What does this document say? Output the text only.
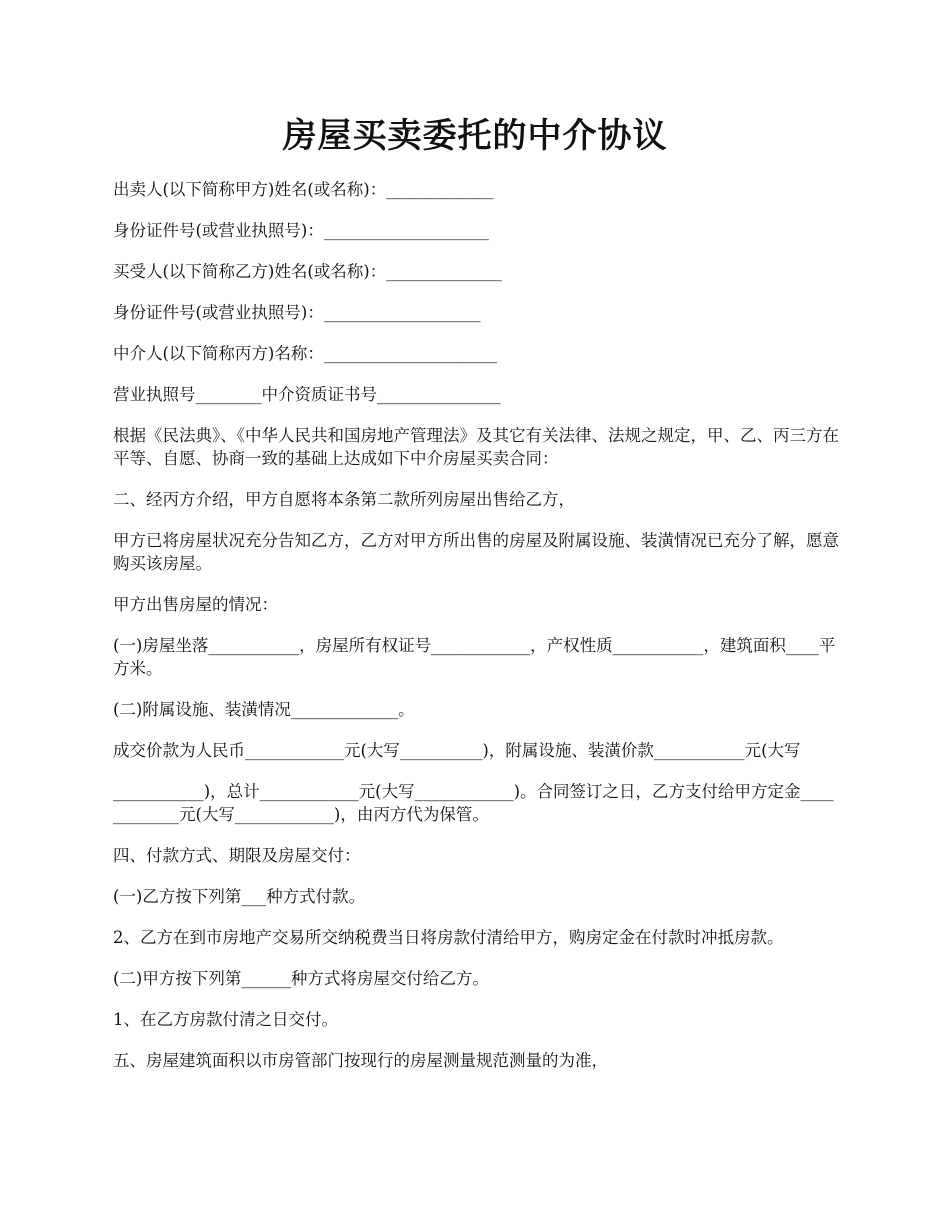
房屋买卖委托的中介协议

出卖人(以下简称甲方)姓名(或名称)：_____________

身份证件号(或营业执照号)：____________________

买受人(以下简称乙方)姓名(或名称)：______________

身份证件号(或营业执照号)：___________________

中介人(以下简称丙方)名称：_____________________

营业执照号________中介资质证书号_______________

根据《民法典》、《中华人民共和国房地产管理法》及其它有关法律、法规之规定，甲、乙、丙三方在平等、自愿、协商一致的基础上达成如下中介房屋买卖合同：

二、经丙方介绍，甲方自愿将本条第二款所列房屋出售给乙方，

甲方已将房屋状况充分告知乙方，乙方对甲方所出售的房屋及附属设施、装潢情况已充分了解，愿意购买该房屋。

甲方出售房屋的情况：

(一)房屋坐落___________，房屋所有权证号____________，产权性质___________，建筑面积____平方米。

(二)附属设施、装潢情况_____________。

成交价款为人民币____________元(大写__________)，附属设施、装潢价款___________元(大写

___________)，总计____________元(大写____________)。合同签订之日，乙方支付给甲方定金____________元(大写____________)，由丙方代为保管。

四、付款方式、期限及房屋交付：

(一)乙方按下列第___种方式付款。

2、乙方在到市房地产交易所交纳税费当日将房款付清给甲方，购房定金在付款时冲抵房款。

(二)甲方按下列第______种方式将房屋交付给乙方。

1、在乙方房款付清之日交付。

五、房屋建筑面积以市房管部门按现行的房屋测量规范测量的为准，
